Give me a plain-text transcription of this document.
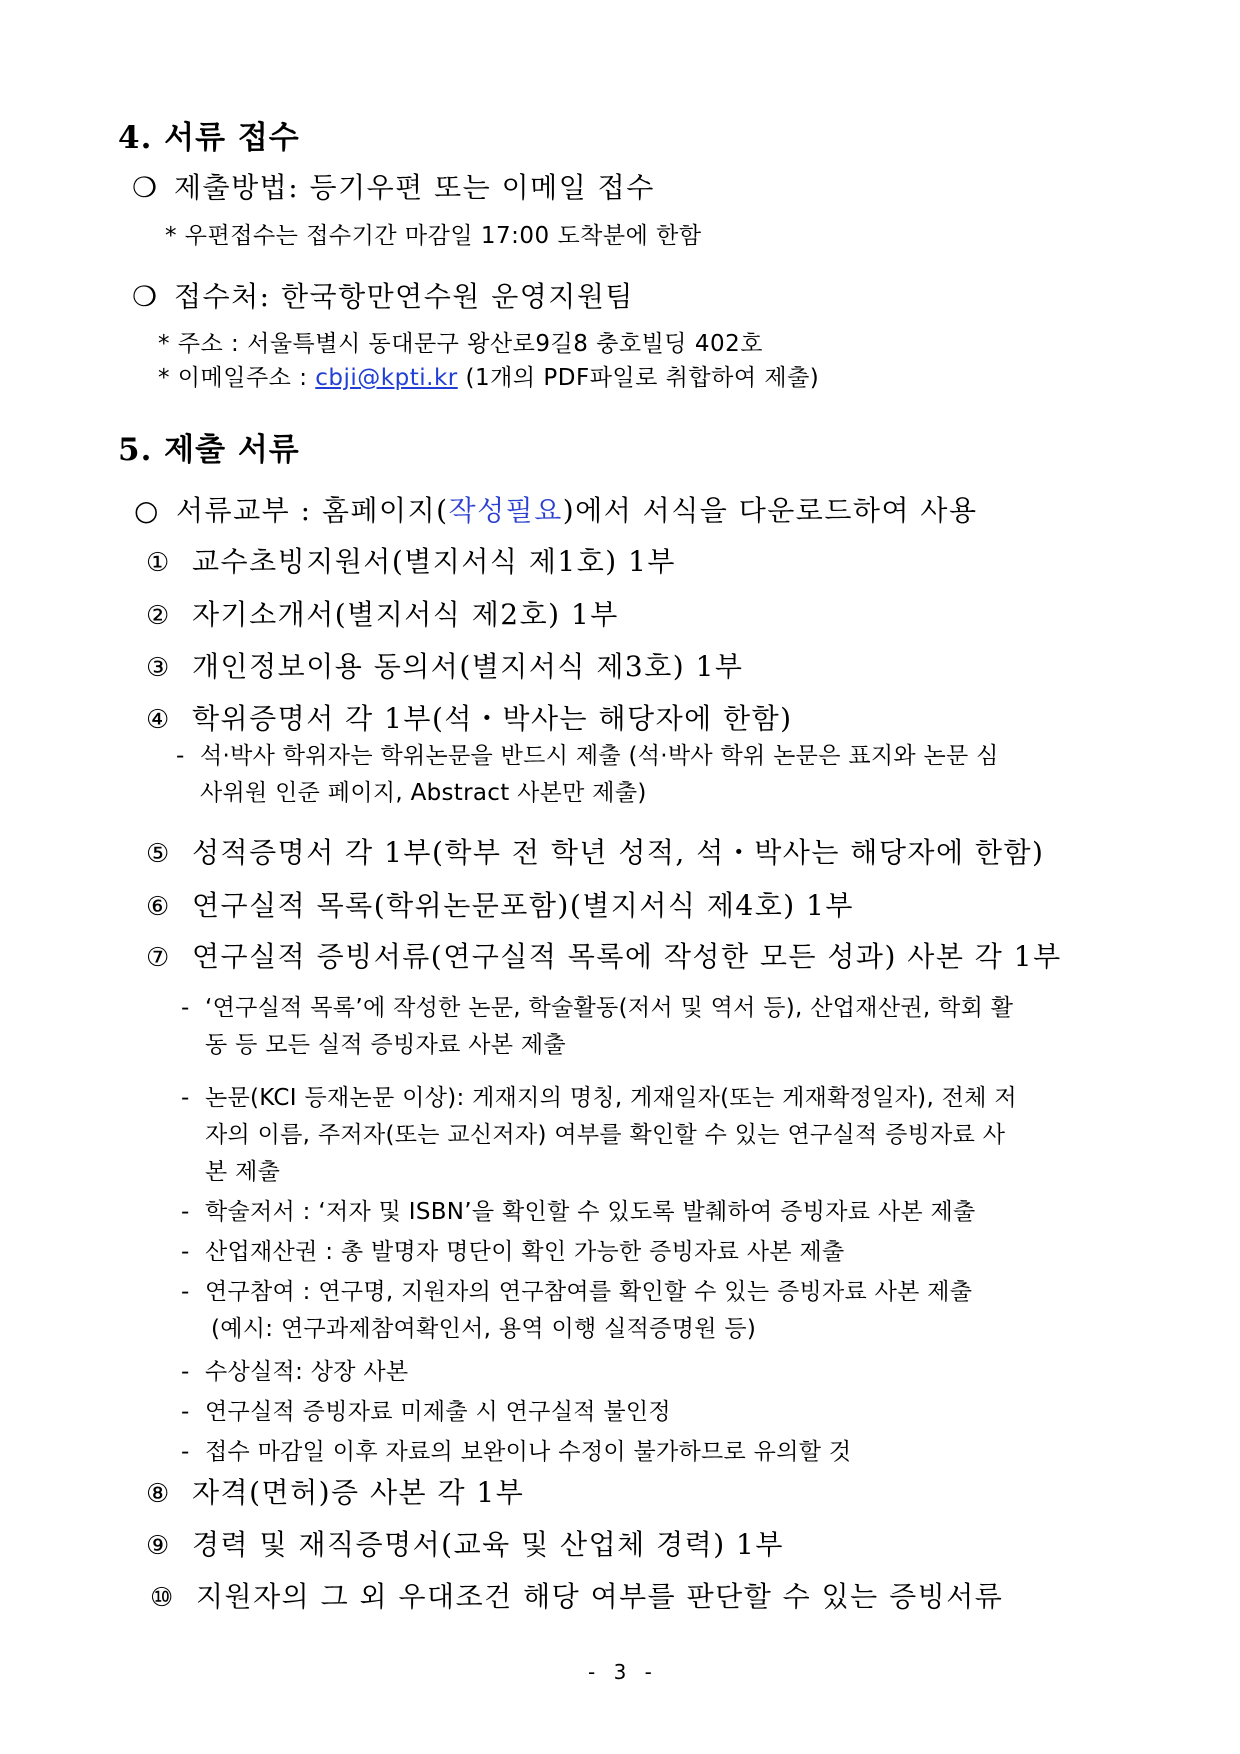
4. 서류 접수
❍ 제출방법: 등기우편 또는 이메일 접수
* 우편접수는 접수기간 마감일 17:00 도착분에 한함
❍ 접수처: 한국항만연수원 운영지원팀
* 주소 : 서울특별시 동대문구 왕산로9길8 충호빌딩 402호
* 이메일주소 : cbji@kpti.kr (1개의 PDF파일로 취합하여 제출)
5. 제출 서류
○ 서류교부 : 홈페이지(작성필요)에서 서식을 다운로드하여 사용
① 교수초빙지원서(별지서식 제1호) 1부
② 자기소개서(별지서식 제2호) 1부
③ 개인정보이용 동의서(별지서식 제3호) 1부
④ 학위증명서 각 1부(석・박사는 해당자에 한함)
- 석·박사 학위자는 학위논문을 반드시 제출 (석·박사 학위 논문은 표지와 논문 심
사위원 인준 페이지, Abstract 사본만 제출)
⑤ 성적증명서 각 1부(학부 전 학년 성적, 석・박사는 해당자에 한함)
⑥ 연구실적 목록(학위논문포함)(별지서식 제4호) 1부
⑦ 연구실적 증빙서류(연구실적 목록에 작성한 모든 성과) 사본 각 1부
- ‘연구실적 목록’에 작성한 논문, 학술활동(저서 및 역서 등), 산업재산권, 학회 활
동 등 모든 실적 증빙자료 사본 제출
- 논문(KCI 등재논문 이상): 게재지의 명칭, 게재일자(또는 게재확정일자), 전체 저
자의 이름, 주저자(또는 교신저자) 여부를 확인할 수 있는 연구실적 증빙자료 사
본 제출
- 학술저서 : ‘저자 및 ISBN’을 확인할 수 있도록 발췌하여 증빙자료 사본 제출
- 산업재산권 : 총 발명자 명단이 확인 가능한 증빙자료 사본 제출
- 연구참여 : 연구명, 지원자의 연구참여를 확인할 수 있는 증빙자료 사본 제출
(예시: 연구과제참여확인서, 용역 이행 실적증명원 등)
- 수상실적: 상장 사본
- 연구실적 증빙자료 미제출 시 연구실적 불인정
- 접수 마감일 이후 자료의 보완이나 수정이 불가하므로 유의할 것
⑧ 자격(면허)증 사본 각 1부
⑨ 경력 및 재직증명서(교육 및 산업체 경력) 1부
⑩ 지원자의 그 외 우대조건 해당 여부를 판단할 수 있는 증빙서류
- 3 -
